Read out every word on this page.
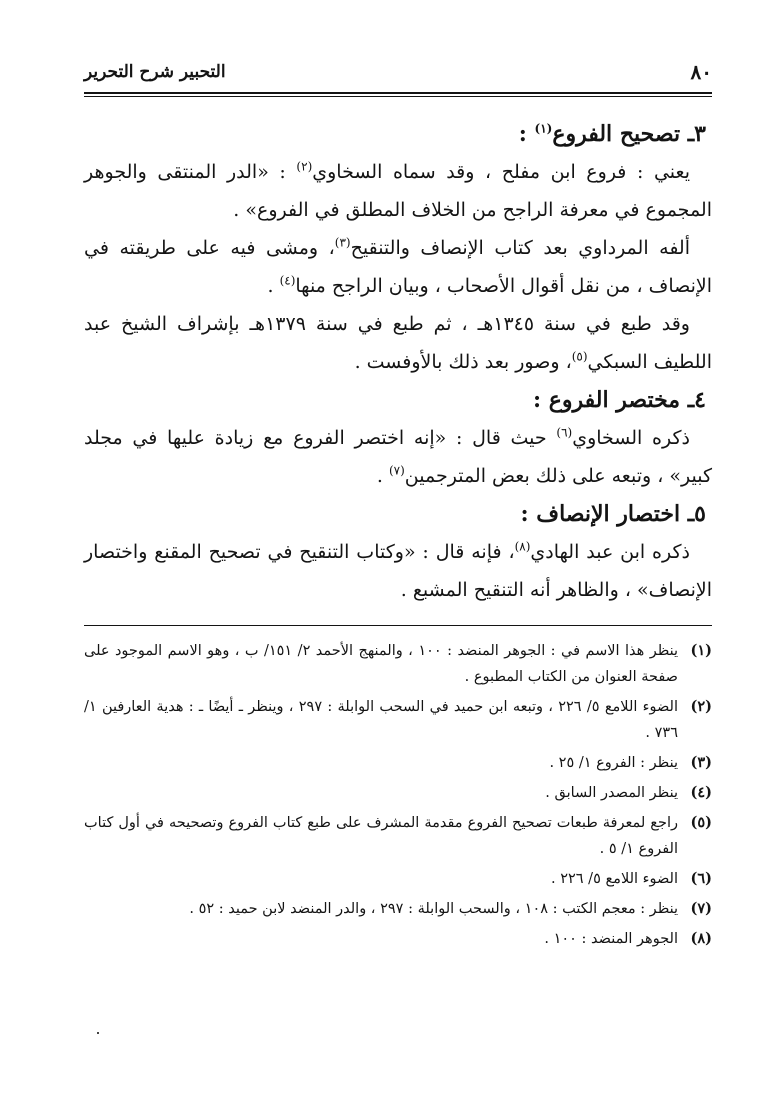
٨٠
التحبير شرح التحرير
٣ـ تصحيح الفروع$^{(١)}$ :

يعني : فروع ابن مفلح ، وقد سماه السخاوي$^{(٢)}$ : «الدر المنتقى والجوهر المجموع في معرفة الراجح من الخلاف المطلق في الفروع» .

ألفه المرداوي بعد كتاب الإنصاف والتنقيح$^{(٣)}$، ومشى فيه على طريقته في الإنصاف ، من نقل أقوال الأصحاب ، وبيان الراجح منها$^{(٤)}$ .

وقد طبع في سنة ١٣٤٥هـ ، ثم طبع في سنة ١٣٧٩هـ بإشراف الشيخ عبد اللطيف السبكي$^{(٥)}$، وصور بعد ذلك بالأوفست .

٤ـ مختصر الفروع :

ذكره السخاوي$^{(٦)}$ حيث قال : «إنه اختصر الفروع مع زيادة عليها في مجلد كبير» ، وتبعه على ذلك بعض المترجمين$^{(٧)}$ .

٥ـ اختصار الإنصاف :

ذكره ابن عبد الهادي$^{(٨)}$، فإنه قال : «وكتاب التنقيح في تصحيح المقنع واختصار الإنصاف» ، والظاهر أنه التنقيح المشبع .

(١)
ينظر هذا الاسم في : الجوهر المنضد : ١٠٠ ، والمنهج الأحمد ٢/ ١٥١/ ب ، وهو الاسم الموجود على صفحة العنوان من الكتاب المطبوع .
(٢)
الضوء اللامع ٥/ ٢٢٦ ، وتبعه ابن حميد في السحب الوابلة : ٢٩٧ ، وينظر ـ أيضًا ـ : هدية العارفين ١/ ٧٣٦ .
(٣)
ينظر : الفروع ١/ ٢٥ .
(٤)
ينظر المصدر السابق .
(٥)
راجع لمعرفة طبعات تصحيح الفروع مقدمة المشرف على طبع كتاب الفروع وتصحيحه في أول كتاب الفروع ١/ ٥ .
(٦)
الضوء اللامع ٥/ ٢٢٦ .
(٧)
ينظر : معجم الكتب : ١٠٨ ، والسحب الوابلة : ٢٩٧ ، والدر المنضد لابن حميد : ٥٢ .
(٨)
الجوهر المنضد : ١٠٠ .
